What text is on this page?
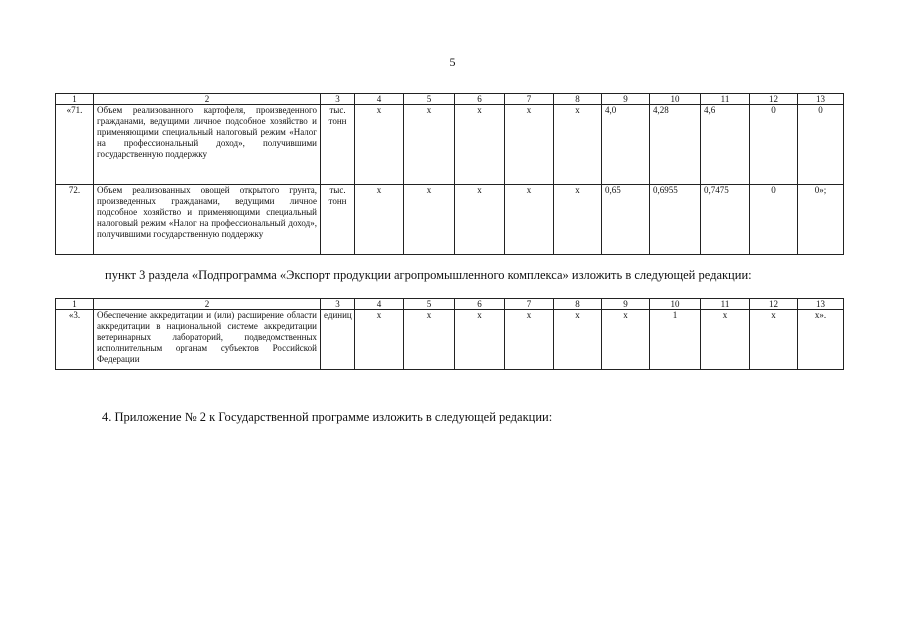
5
1	2	3	4	5	6	7	8	9	10	11	12	13
«71.	Объем реализованного картофеля, произведенного гражданами, ведущими личное подсобное хозяйство и применяющими специальный налоговый режим «Налог на профессиональный доход», получившими государственную поддержку	тыс. тонн	х	х	х	х	х	4,0	4,28	4,6	0	0
72.	Объем реализованных овощей открытого грунта, произведенных гражданами, ведущими личное подсобное хозяйство и применяющими специальный налоговый режим «Налог на профессиональный доход», получившими государственную поддержку	тыс. тонн	х	х	х	х	х	0,65	0,6955	0,7475	0	0»;
пункт 3 раздела «Подпрограмма «Экспорт продукции агропромышленного комплекса» изложить в следующей редакции:
1	2	3	4	5	6	7	8	9	10	11	12	13
«3.	Обеспечение аккредитации и (или) расширение области аккредитации в национальной системе аккредитации ветеринарных лабораторий, подведомственных исполнительным органам субъектов Российской Федерации	единиц	х	х	х	х	х	х	1	х	х	х».
4. Приложение № 2 к Государственной программе изложить в следующей редакции:
